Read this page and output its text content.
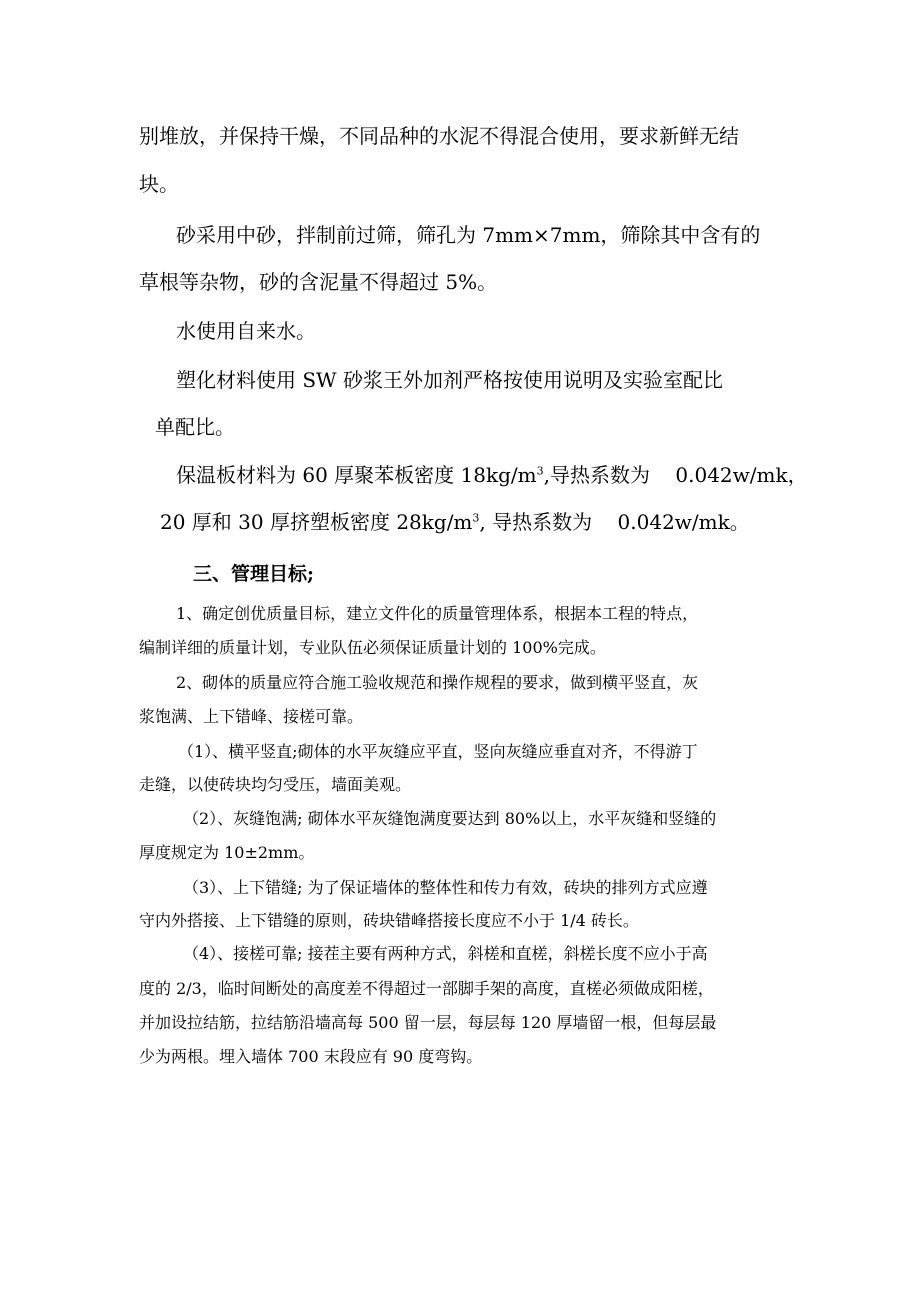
别堆放，并保持干燥，不同品种的水泥不得混合使用，要求新鲜无结
块。
砂采用中砂，拌制前过筛，筛孔为 7mm×7mm，筛除其中含有的
草根等杂物，砂的含泥量不得超过 5%。
水使用自来水。
塑化材料使用 SW 砂浆王外加剂严格按使用说明及实验室配比
单配比。
保温板材料为 60 厚聚苯板密度 $18kg/m^3$,导热系数为    0.042w/mk，
20 厚和 30 厚挤塑板密度 $28kg/m^3$, 导热系数为    0.042w/mk。
三、管理目标;
1、确定创优质量目标，建立文件化的质量管理体系，根据本工程的特点，
编制详细的质量计划，专业队伍必须保证质量计划的 100%完成。
2、砌体的质量应符合施工验收规范和操作规程的要求，做到横平竖直，灰
浆饱满、上下错峰、接槎可靠。
（1）、横平竖直;砌体的水平灰缝应平直，竖向灰缝应垂直对齐，不得游丁
走缝，以使砖块均匀受压，墙面美观。
（2）、灰缝饱满; 砌体水平灰缝饱满度要达到 80%以上，水平灰缝和竖缝的
厚度规定为 10±2mm。
（3）、上下错缝; 为了保证墙体的整体性和传力有效，砖块的排列方式应遵
守内外搭接、上下错缝的原则，砖块错峰搭接长度应不小于 1/4 砖长。
（4）、接槎可靠; 接茬主要有两种方式，斜槎和直槎，斜槎长度不应小于高
度的 2/3，临时间断处的高度差不得超过一部脚手架的高度，直槎必须做成阳槎，
并加设拉结筋，拉结筋沿墙高每 500 留一层，每层每 120 厚墙留一根，但每层最
少为两根。埋入墙体 700 末段应有 90 度弯钩。
